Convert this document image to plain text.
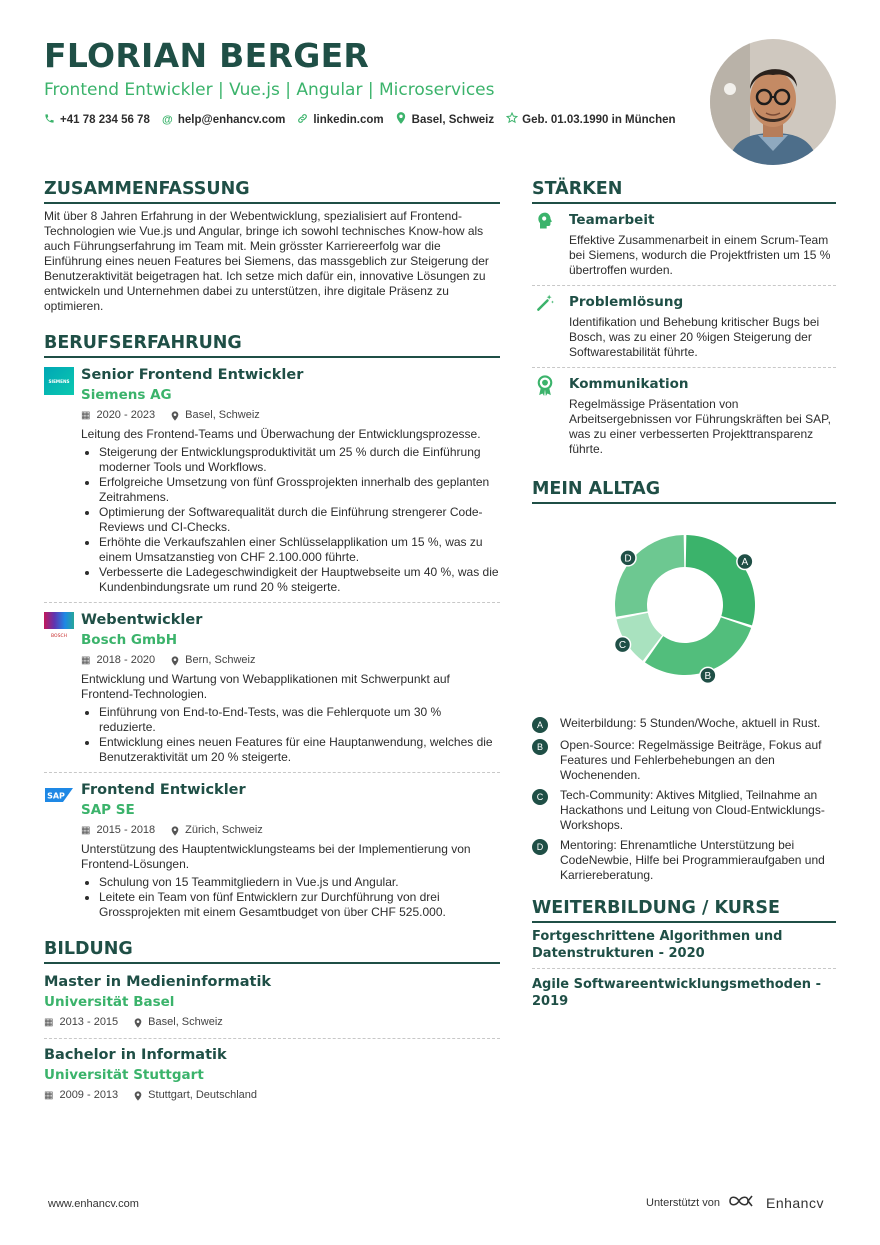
FLORIAN BERGER
Frontend Entwickler | Vue.js | Angular | Microservices
+41 78 234 56 78 @ help@enhancv.com linkedin.com Basel, Schweiz Geb. 01.03.1990 in München
ZUSAMMENFASSUNG

Mit über 8 Jahren Erfahrung in der Webentwicklung, spezialisiert auf Frontend-Technologien wie Vue.js und Angular, bringe ich sowohl technisches Know-how als auch Führungserfahrung im Team mit. Mein grösster Karriereerfolg war die Einführung eines neuen Features bei Siemens, das massgeblich zur Steigerung der Benutzeraktivität beigetragen hat. Ich setze mich dafür ein, innovative Lösungen zu entwickeln und Unternehmen dabei zu unterstützen, ihre digitale Präsenz zu optimieren.

BERUFSERFAHRUNG
SIEMENS Senior Frontend Entwickler
Siemens AG
▦ 2020 - 2023	Basel, Schweiz
Leitung des Frontend-Teams und Überwachung der Entwicklungsprozesse.
• Steigerung der Entwicklungsproduktivität um 25 % durch die Einführung moderner Tools und Workflows.
• Erfolgreiche Umsetzung von fünf Grossprojekten innerhalb des geplanten Zeitrahmens.
• Optimierung der Softwarequalität durch die Einführung strengerer Code-Reviews und CI-Checks.
• Erhöhte die Verkaufszahlen einer Schlüsselapplikation um 15 %, was zu einem Umsatzanstieg von CHF 2.100.000 führte.
• Verbesserte die Ladegeschwindigkeit der Hauptwebseite um 40 %, was die Kundenbindungsrate um rund 20 % steigerte.
BOSCH
Webentwickler
Bosch GmbH
▦ 2018 - 2020	Bern, Schweiz
Entwicklung und Wartung von Webapplikationen mit Schwerpunkt auf Frontend-Technologien.
• Einführung von End-to-End-Tests, was die Fehlerquote um 30 % reduzierte.
• Entwicklung eines neuen Features für eine Hauptanwendung, welches die Benutzeraktivität um 20 % steigerte.
SAP Frontend Entwickler
SAP SE
▦ 2015 - 2018	Zürich, Schweiz
Unterstützung des Hauptentwicklungsteams bei der Implementierung von Frontend-Lösungen.
• Schulung von 15 Teammitgliedern in Vue.js und Angular.
• Leitete ein Team von fünf Entwicklern zur Durchführung von drei Grossprojekten mit einem Gesamtbudget von über CHF 525.000.
BILDUNG
Master in Medieninformatik
Universität Basel
▦ 2013 - 2015	Basel, Schweiz
Bachelor in Informatik
Universität Stuttgart
▦ 2009 - 2013	Stuttgart, Deutschland
STÄRKEN
Teamarbeit
Effektive Zusammenarbeit in einem Scrum-Team bei Siemens, wodurch die Projektfristen um 15 % übertroffen wurden.
Problemlösung
Identifikation und Behebung kritischer Bugs bei Bosch, was zu einer 20 %igen Steigerung der Softwarestabilität führte.
Kommunikation
Regelmässige Präsentation von Arbeitsergebnissen vor Führungskräften bei SAP, was zu einer verbesserten Projekttransparenz führte.
MEIN ALLTAG
A
B
C
D
A	Weiterbildung: 5 Stunden/Woche, aktuell in Rust.
B	Open-Source: Regelmässige Beiträge, Fokus auf Features und Fehlerbehebungen an den Wochenenden.
C	Tech-Community: Aktives Mitglied, Teilnahme an Hackathons und Leitung von Cloud-Entwicklungs-Workshops.
D	Mentoring: Ehrenamtliche Unterstützung bei CodeNewbie, Hilfe bei Programmieraufgaben und Karriereberatung.
WEITERBILDUNG / KURSE
Fortgeschrittene Algorithmen und Datenstrukturen - 2020
Agile Softwareentwicklungsmethoden - 2019
www.enhancv.com	Unterstützt von	Enhancv
